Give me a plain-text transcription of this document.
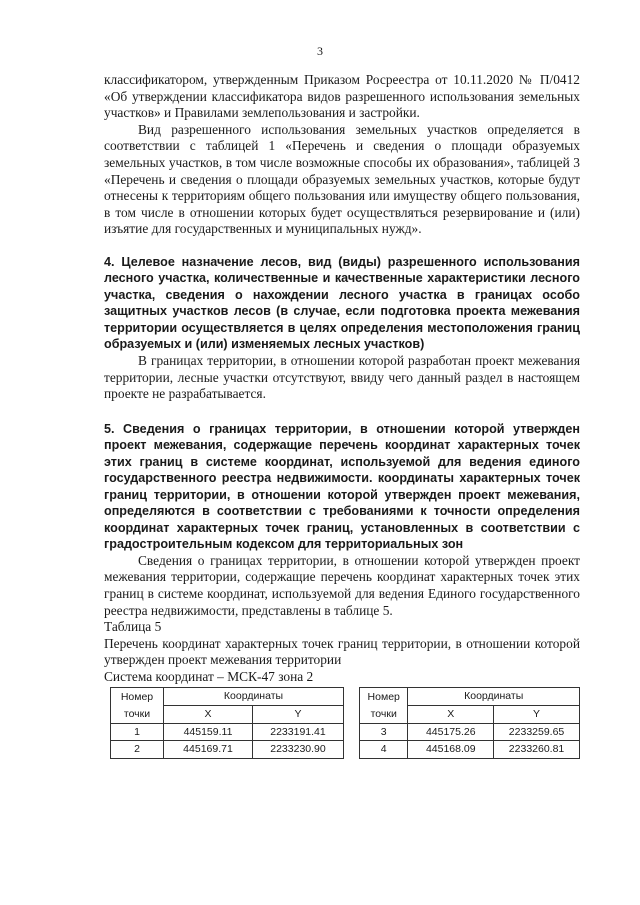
3

классификатором, утвержденным Приказом Росреестра от 10.11.2020 № П/0412 «Об утверждении классификатора видов разрешенного использования земельных участков» и Правилами землепользования и застройки.

Вид разрешенного использования земельных участков определяется в соответствии с таблицей 1 «Перечень и сведения о площади образуемых земельных участков, в том числе возможные способы их образования», таблицей 3 «Перечень и сведения о площади образуемых земельных участков, которые будут отнесены к территориям общего пользования или имуществу общего пользования, в том числе в отношении которых будет осуществляться резервирование и (или) изъятие для государственных и муниципальных нужд».

4. Целевое назначение лесов, вид (виды) разрешенного использования лесного участка, количественные и качественные характеристики лесного участка, сведения о нахождении лесного участка в границах особо защитных участков лесов (в случае, если подготовка проекта межевания территории осуществляется в целях определения местоположения границ образуемых и (или) изменяемых лесных участков)

В границах территории, в отношении которой разработан проект межевания территории, лесные участки отсутствуют, ввиду чего данный раздел в настоящем проекте не разрабатывается.

5. Сведения о границах территории, в отношении которой утвержден проект межевания, содержащие перечень координат характерных точек этих границ в системе координат, используемой для ведения единого государственного реестра недвижимости. координаты характерных точек границ территории, в отношении которой утвержден проект межевания, определяются в соответствии с требованиями к точности определения координат характерных точек границ, установленных в соответствии с градостроительным кодексом для территориальных зон

Сведения о границах территории, в отношении которой утвержден проект межевания территории, содержащие перечень координат характерных точек этих границ в системе координат, используемой для ведения Единого государственного реестра недвижимости, представлены в таблице 5.

Таблица 5

Перечень координат характерных точек границ территории, в отношении которой утвержден проект межевания территории

Система координат – МСК-47 зона 2

Номер точки	Координаты	
	X	Y
1	445159.11	2233191.41
2	445169.71	2233230.90
Номер точки	Координаты	
	X	Y
3	445175.26	2233259.65
4	445168.09	2233260.81
